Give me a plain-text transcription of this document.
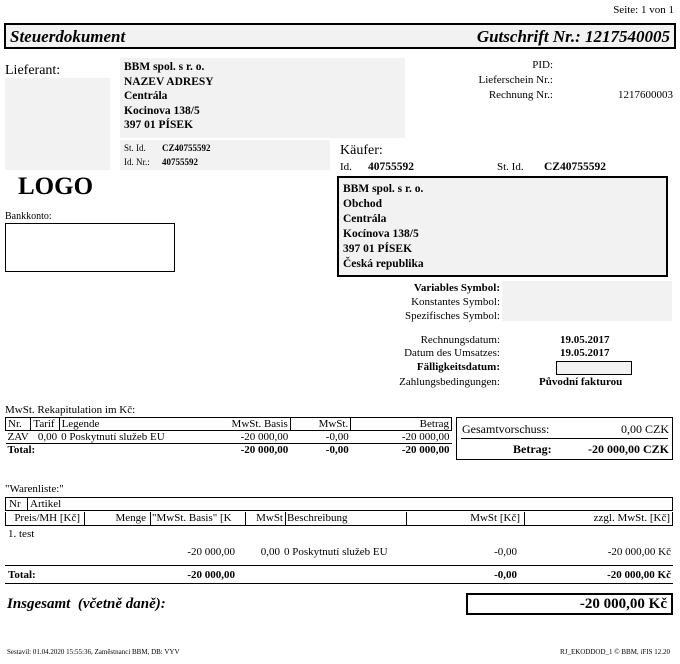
Seite: 1 von 1
Steuerdokument	Gutschrift Nr.: 1217540005
Lieferant:	BBM spol. s r. o.
NAZEV ADRESY
Centrála
Kocinova 138/5
397 01 PÍSEK
St. Id. CZ40755592
Id. Nr.: 40755592
PID:
Lieferschein Nr.:
Rechnung Nr.:	1217600003
LOGO
Bankkonto:
Käufer:
Id. 40755592	St. Id. CZ40755592
BBM spol. s r. o.
Obchod
Centrála
Kocínova 138/5
397 01 PÍSEK
Česká republika
Variables Symbol:
Konstantes Symbol:
Spezifisches Symbol:
Rechnungsdatum:	19.05.2017
Datum des Umsatzes:	19.05.2017
Fälligkeitsdatum:
Zahlungsbedingungen:	Původní fakturou
MwSt. Rekapitulation im Kč:
Nr.	Tarif	Legende	MwSt. Basis	MwSt.	Betrag
ZAV	0,00	0 Poskytnutí služeb EU	-20 000,00	-0,00	-20 000,00
Total:			-20 000,00	-0,00	-20 000,00
Gesamtvorschuss:	0,00 CZK
Betrag:	-20 000,00 CZK
"Warenliste:"
Nr Artikel
Preis/MH [Kč]	Menge "MwSt. Basis" [K	MwSt Beschreibung	MwSt [Kč]	zzgl. MwSt. [Kč]
1. test
-20 000,00 0,00 0 Poskytnutí služeb EU	-0,00	-20 000,00 Kč
Total:	-20 000,00	-0,00	-20 000,00 Kč
Insgesamt  (včetně daně):	-20 000,00 Kč
Sestavil: 01.04.2020 15:55:36, Zaměstnanci BBM, DB: VYV	RJ_EKODDOD_1 © BBM, iFIS 12.20
